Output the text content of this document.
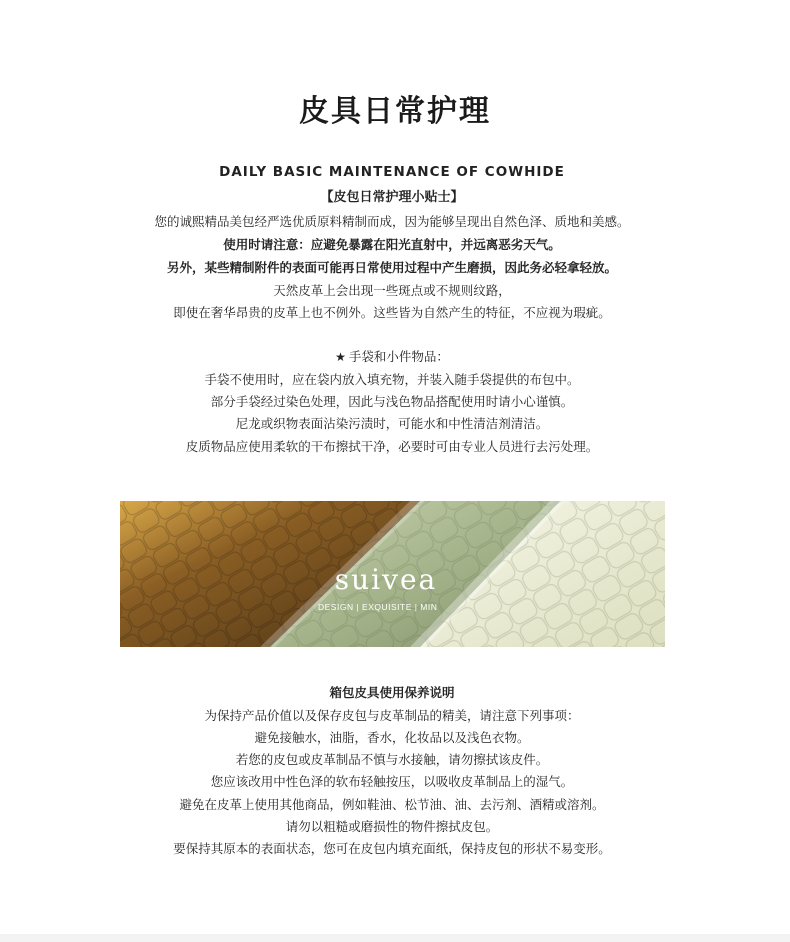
皮具日常护理
DAILY BASIC MAINTENANCE OF COWHIDE
【皮包日常护理小贴士】
您的诚熙精品美包经严选优质原料精制而成，因为能够呈现出自然色泽、质地和美感。
使用时请注意：应避免暴露在阳光直射中，并远离恶劣天气。
另外，某些精制附件的表面可能再日常使用过程中产生磨损，因此务必轻拿轻放。
天然皮革上会出现一些斑点或不规则纹路，
即使在奢华昂贵的皮革上也不例外。这些皆为自然产生的特征，不应视为瑕疵。
★ 手袋和小件物品：
手袋不使用时，应在袋内放入填充物，并装入随手袋提供的布包中。
部分手袋经过染色处理，因此与浅色物品搭配使用时请小心谨慎。
尼龙或织物表面沾染污渍时，可能水和中性清洁剂清洁。
皮质物品应使用柔软的干布擦拭干净，必要时可由专业人员进行去污处理。
suivea
DESIGN | EXQUISITE | MIN
箱包皮具使用保养说明
为保持产品价值以及保存皮包与皮革制品的精美，请注意下列事项：
避免接触水，油脂，香水，化妆品以及浅色衣物。
若您的皮包或皮革制品不慎与水接触，请勿擦拭该皮件。
您应该改用中性色泽的软布轻触按压，以吸收皮革制品上的湿气。
避免在皮革上使用其他商品，例如鞋油、松节油、油、去污剂、酒精或溶剂。
请勿以粗糙或磨损性的物件擦拭皮包。
要保持其原本的表面状态，您可在皮包内填充面纸，保持皮包的形状不易变形。
